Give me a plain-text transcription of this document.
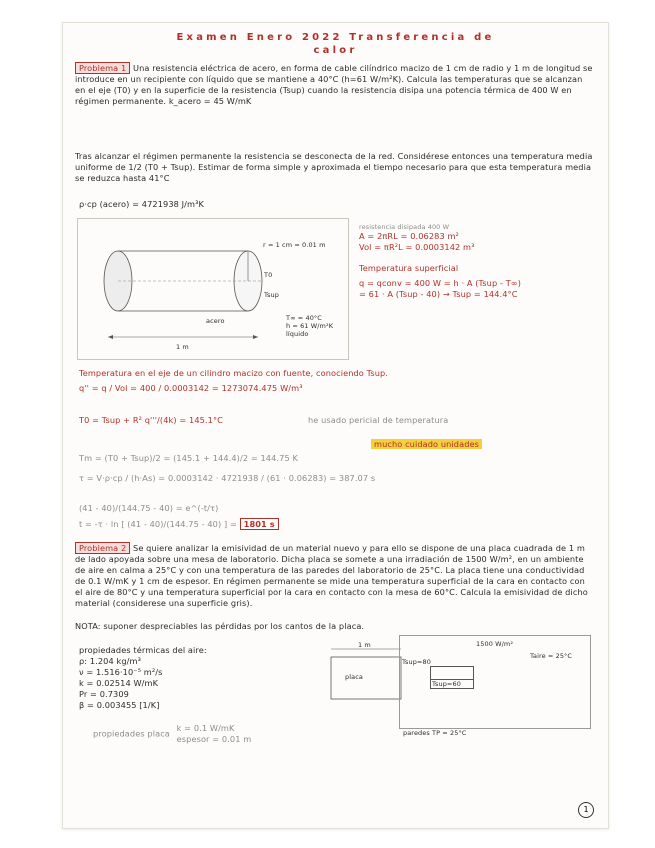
Examen Enero 2022 Transferencia de
calor
Problema 1 Una resistencia eléctrica de acero, en forma de cable cilíndrico macizo de 1 cm de radio y 1 m de longitud se introduce en un recipiente con líquido que se mantiene a 40°C (h=61 W/m²K). Calcula las temperaturas que se alcanzan en el eje (T0) y en la superficie de la resistencia (Tsup) cuando la resistencia disipa una potencia térmica de 400 W en régimen permanente. k_acero = 45 W/mK
Tras alcanzar el régimen permanente la resistencia se desconecta de la red. Considérese entonces una temperatura media uniforme de 1/2 (T0 + Tsup). Estimar de forma simple y aproximada el tiempo necesario para que esta temperatura media se reduzca hasta 41°C
ρ·cp (acero) = 4721938 J/m³K
r = 1 cm = 0.01 m
T0
Tsup
acero	T∞ = 40°C
h = 61 W/m²K
líquido
1 m
resistencia disipada 400 W
A = 2πRL = 0.06283 m²
Vol = πR²L = 0.0003142 m³
Temperatura superficial
q = qconv = 400 W = h · A (Tsup - T∞)
= 61 · A (Tsup - 40) → Tsup = 144.4°C
Temperatura en el eje de un cilindro macizo con fuente, conociendo Tsup.
q'' = q / Vol = 400 / 0.0003142 = 1273074.475 W/m³
T0 = Tsup + R² q'''/(4k) = 145.1°C	he usado pericial de temperatura
mucho cuidado unidades
Tm = (T0 + Tsup)/2 = (145.1 + 144.4)/2 = 144.75 K
τ = V·ρ·cp / (h·As) = 0.0003142 · 4721938 / (61 · 0.06283) = 387.07 s
(41 - 40)/(144.75 - 40) = e^(-t/τ)
t = -τ · ln [ (41 - 40)/(144.75 - 40) ] = 1801 s
Problema 2 Se quiere analizar la emisividad de un material nuevo y para ello se dispone de una placa cuadrada de 1 m de lado apoyada sobre una mesa de laboratorio. Dicha placa se somete a una irradiación de 1500 W/m², en un ambiente de aire en calma a 25°C y con una temperatura de las paredes del laboratorio de 25°C. La placa tiene una conductividad de 0.1 W/mK y 1 cm de espesor. En régimen permanente se mide una temperatura superficial de la cara en contacto con el aire de 80°C y una temperatura superficial por la cara en contacto con la mesa de 60°C. Calcula la emisividad de dicho material (considerese una superficie gris).
NOTA: suponer despreciables las pérdidas por los cantos de la placa.
propiedades térmicas del aire:
ρ: 1.204 kg/m³
ν = 1.516·10⁻⁵ m²/s
k = 0.02514 W/mK
Pr = 0.7309
β = 0.003455 [1/K]
propiedades placa
k = 0.1 W/mK
espesor = 0.01 m
1 m
placa
1500 W/m²
Taire = 25°C
Tsup=80
Tsup=60
paredes TP = 25°C
1
